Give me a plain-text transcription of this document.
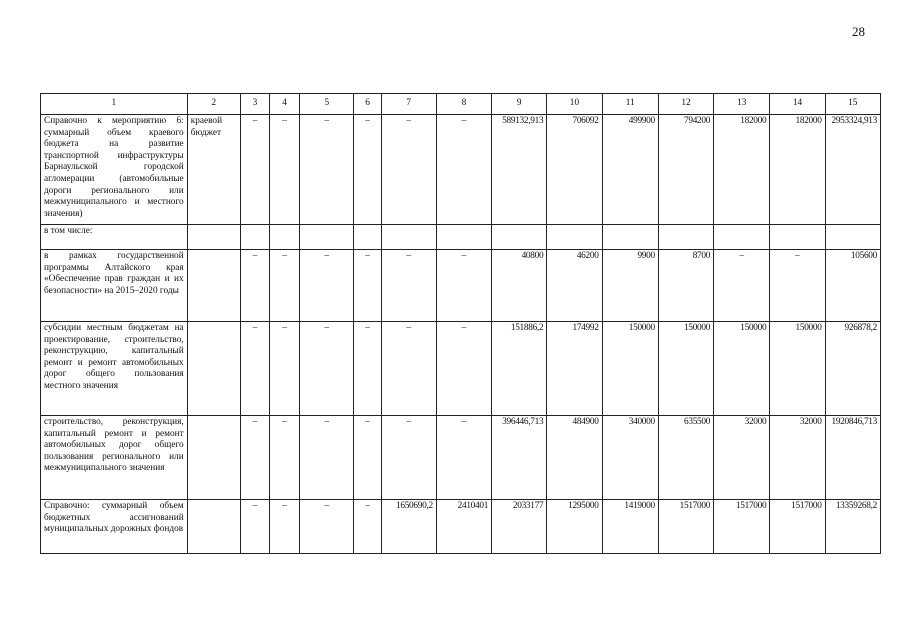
28
1	2	3	4	5	6	7	8	9	10	11	12	13	14	15
Справочно к мероприятию 6: суммарный объем краевого бюджета на развитие транспортной инфраструктуры Барнаульской городской агломерации (автомобильные дороги регионального или межмуниципального и местного значения)	краевой бюджет	–	–	–	–	–	–	589132,913	706092	499900	794200	182000	182000	2953324,913
в том числе:														
в рамках государственной программы Алтайского края «Обеспечение прав граждан и их безопасности» на 2015–2020 годы		–	–	–	–	–	–	40800	46200	9900	8700	–	–	105600
субсидии местным бюджетам на проектирование, строительство, реконструкцию, капитальный ремонт и ремонт автомобильных дорог общего пользования местного значения		–	–	–	–	–	–	151886,2	174992	150000	150000	150000	150000	926878,2
строительство, реконструкция, капитальный ремонт и ремонт автомобильных дорог общего пользования регионального или межмуниципального значения		–	–	–	–	–	–	396446,713	484900	340000	635500	32000	32000	1920846,713
Справочно: суммарный объем бюджетных ассигнований муниципальных дорожных фондов		–	–	–	–	1650690,2	2410401	2033177	1295000	1419000	1517000	1517000	1517000	13359268,2
